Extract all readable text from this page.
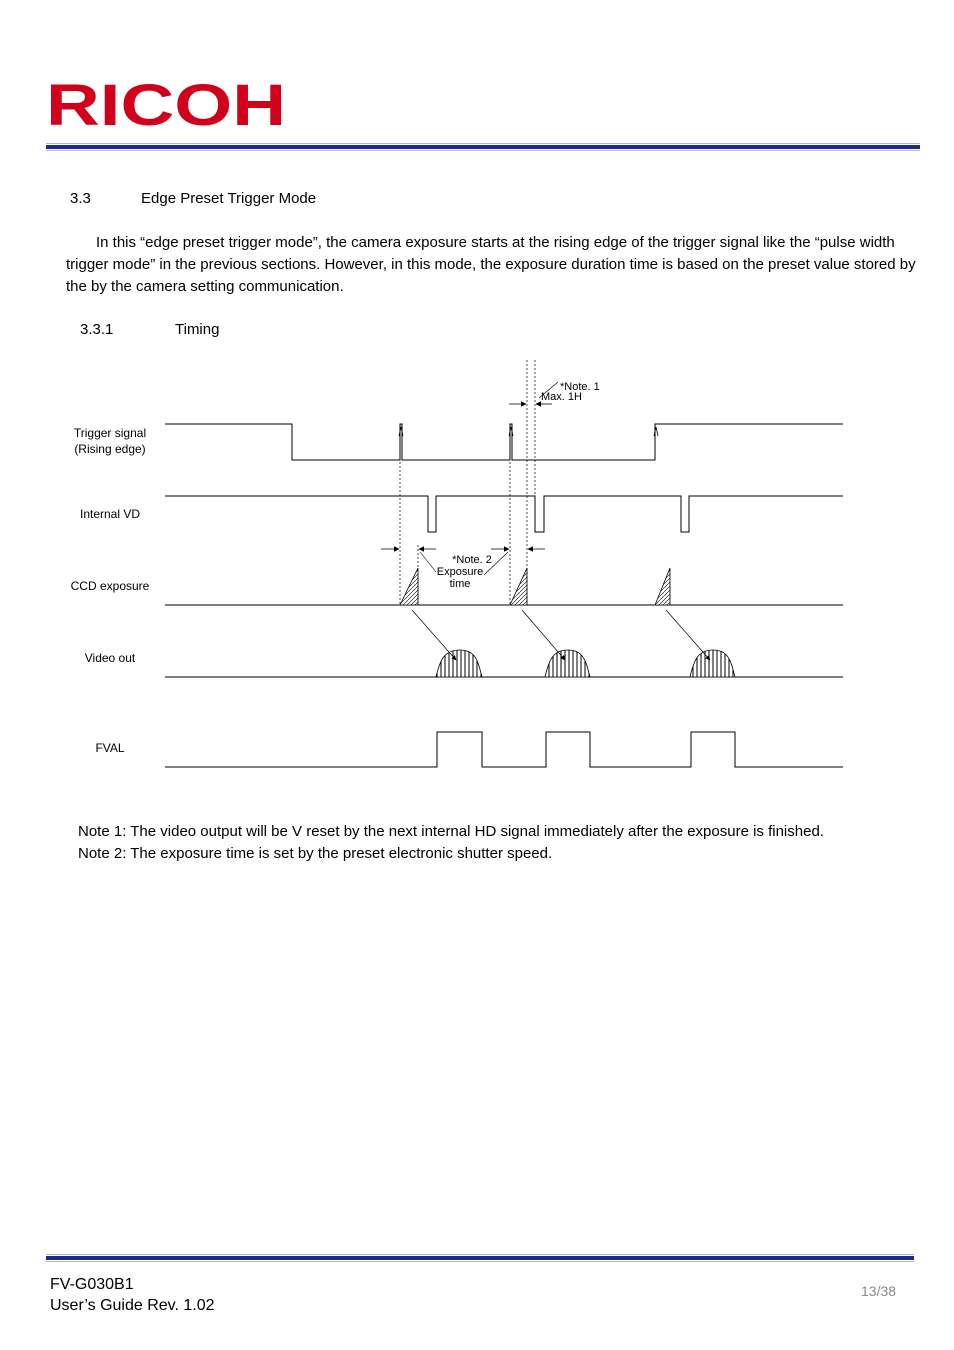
RICOH
3.3	Edge Preset Trigger Mode
In this “edge preset trigger mode”, the camera exposure starts at the rising edge of the trigger signal like the “pulse width trigger mode” in the previous sections. However, in this mode, the exposure duration time is based on the preset value stored by the by the camera setting communication.
3.3.1	Timing
Trigger signal
(Rising edge)
Internal VD
CCD exposure
Video out
FVAL
*Note. 1
Max. 1H
*Note. 2
Exposure
time
Note 1: The video output will be V reset by the next internal HD signal immediately after the exposure is finished.
Note 2: The exposure time is set by the preset electronic shutter speed.
FV-G030B1
User’s Guide Rev. 1.02
13/38
